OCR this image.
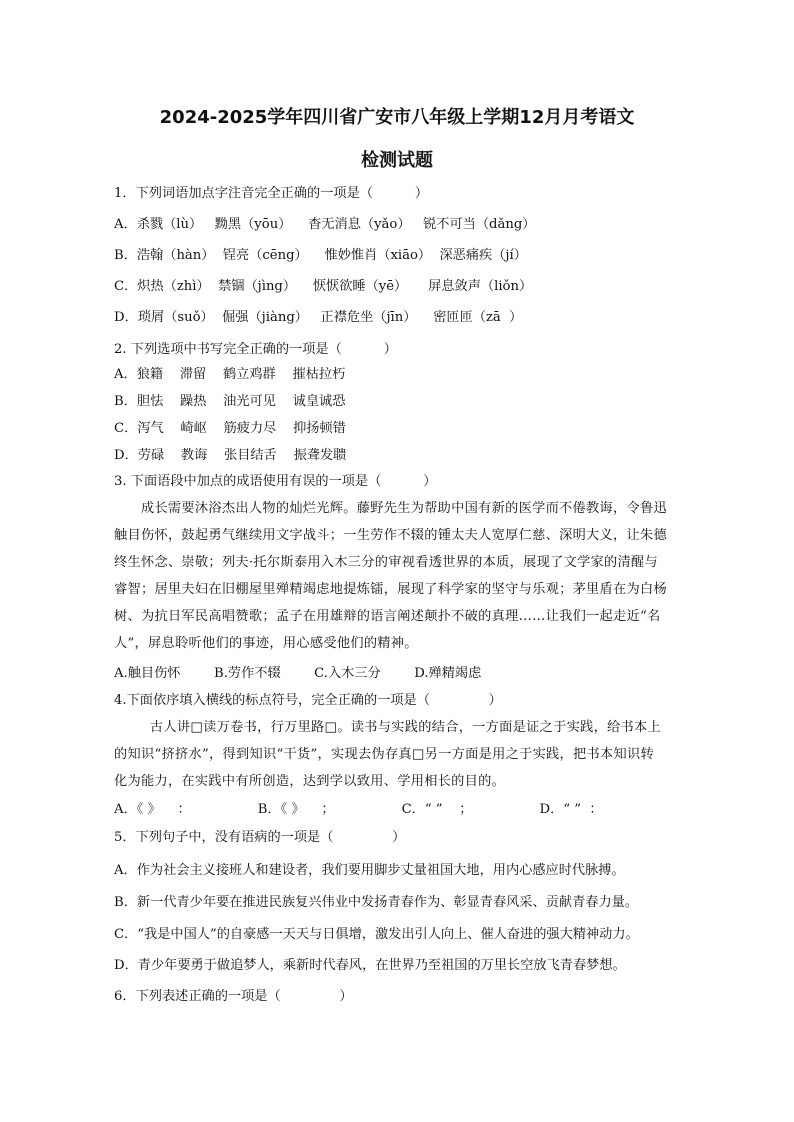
2024-2025学年四川省广安市八年级上学期12月月考语文
检测试题
1．下列词语加点字注音完全正确的一项是（          ）
A．杀戮（lù）   黝黑（yōu）    杳无消息（yǎo）   锐不可当（dǎng）
B．浩翰（hàn）  锃亮（cēng）    惟妙惟肖（xiāo）  深恶痛疾（jí）
C．炽热（zhì）  禁锢（jìng）    恹恹欲睡（yē）     屏息敛声（liǒn）
D．琐屑（suǒ）  倔强（jiàng）   正襟危坐（jīn）    密匝匝（zā  ）
2. 下列选项中书写完全正确的一项是（          ）
A．狼籍    滞留    鹤立鸡群    摧枯拉朽
B．胆怯    躁热    油光可见    诚皇诚恐
C．泻气    崎岖    筋疲力尽    抑扬顿错
D．劳碌    教诲    张目结舌    振聋发聩
3. 下面语段中加点的成语使用有误的一项是（          ）
成长需要沐浴杰出人物的灿烂光辉。藤野先生为帮助中国有新的医学而不倦教诲，令鲁迅
触目伤怀，鼓起勇气继续用文字战斗；一生劳作不辍的锺太夫人宽厚仁慈、深明大义，让朱德
终生怀念、崇敬；列夫·托尔斯泰用入木三分的审视看透世界的本质，展现了文学家的清醒与
睿智；居里夫妇在旧棚屋里殚精竭虑地提炼镭，展现了科学家的坚守与乐观；茅里盾在为白杨
树、为抗日军民高唱赞歌；孟子在用雄辩的语言阐述颠扑不破的真理……让我们一起走近“名
人”，屏息聆听他们的事迹，用心感受他们的精神。
A.触目伤怀        B.劳作不辍        C.入木三分        D.殚精竭虑
4.下面依序填入横线的标点符号，完全正确的一项是（              ）
古人讲□读万卷书，行万里路□。读书与实践的结合，一方面是证之于实践，给书本上
的知识“挤挤水”，得到知识“干货”，实现去伪存真□另一方面是用之于实践，把书本知识转
化为能力，在实践中有所创造，达到学以致用、学用相长的目的。
A．《 》    ：                B．《 》    ；                C．“ ”    ；                D．“ ”  ：
5．下列句子中，没有语病的一项是（              ）
A．作为社会主义接班人和建设者，我们要用脚步丈量祖国大地，用内心感应时代脉搏。
B．新一代青少年要在推进民族复兴伟业中发扬青春作为、彰显青春风采、贡献青春力量。
C．“我是中国人”的自豪感一天天与日俱增，激发出引人向上、催人奋进的强大精神动力。
D．青少年要勇于做追梦人，乘新时代春风，在世界乃至祖国的万里长空放飞青春梦想。
6．下列表述正确的一项是（              ）
